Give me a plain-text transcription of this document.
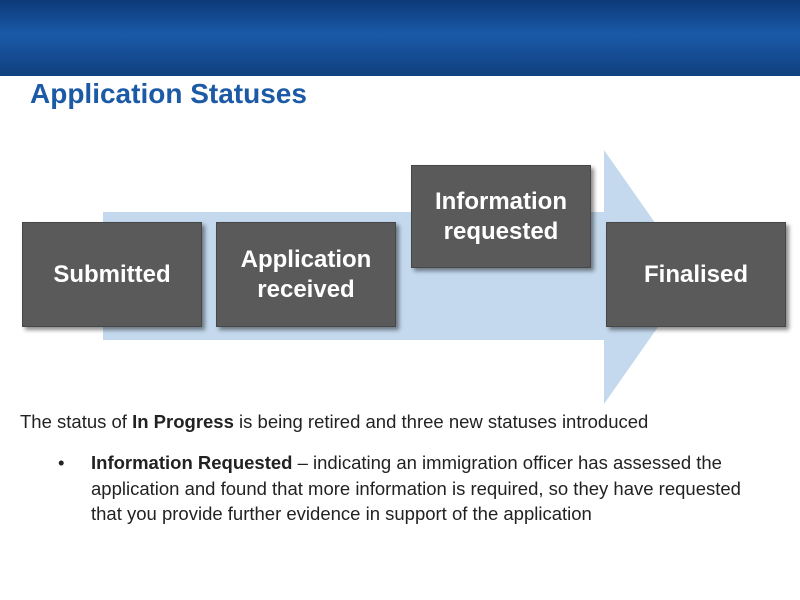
Application Statuses
Submitted
Application received
Information requested
Finalised

The status of In Progress is being retired and three new statuses introduced

• Information Requested – indicating an immigration officer has assessed the application and found that more information is required, so they have requested that you provide further evidence in support of the application
